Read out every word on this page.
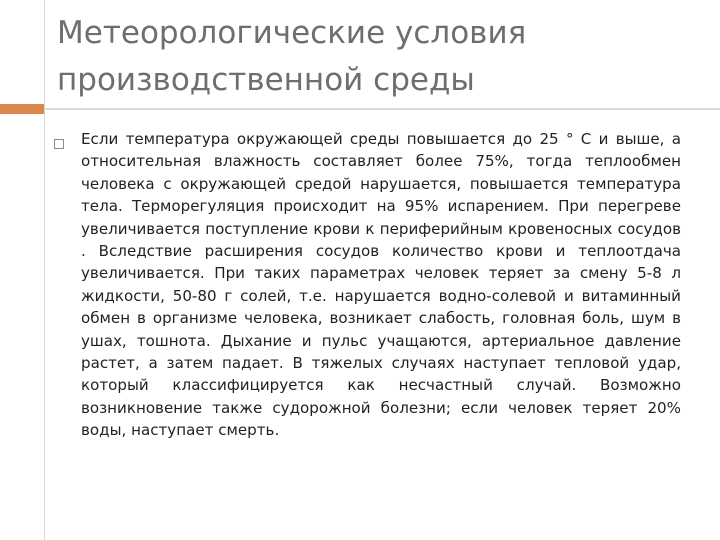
Метеорологические условия производственной среды

Если температура окружающей среды повышается до 25 ° С и выше, а относительная влажность составляет более 75%, тогда теплообмен человека с окружающей средой нарушается, повышается температура тела. Терморегуляция происходит на 95% испарением. При перегреве увеличивается поступление крови к периферийным кровеносных сосудов . Вследствие расширения сосудов количество крови и теплоотдача увеличивается. При таких параметрах человек теряет за смену 5-8 л жидкости, 50-80 г солей, т.е. нарушается водно-солевой и витаминный обмен в организме человека, возникает слабость, головная боль, шум в ушах, тошнота. Дыхание и пульс учащаются, артериальное давление растет, а затем падает. В тяжелых случаях наступает тепловой удар, который классифицируется как несчастный случай. Возможно возникновение также судорожной болезни; если человек теряет 20% воды, наступает смерть.
